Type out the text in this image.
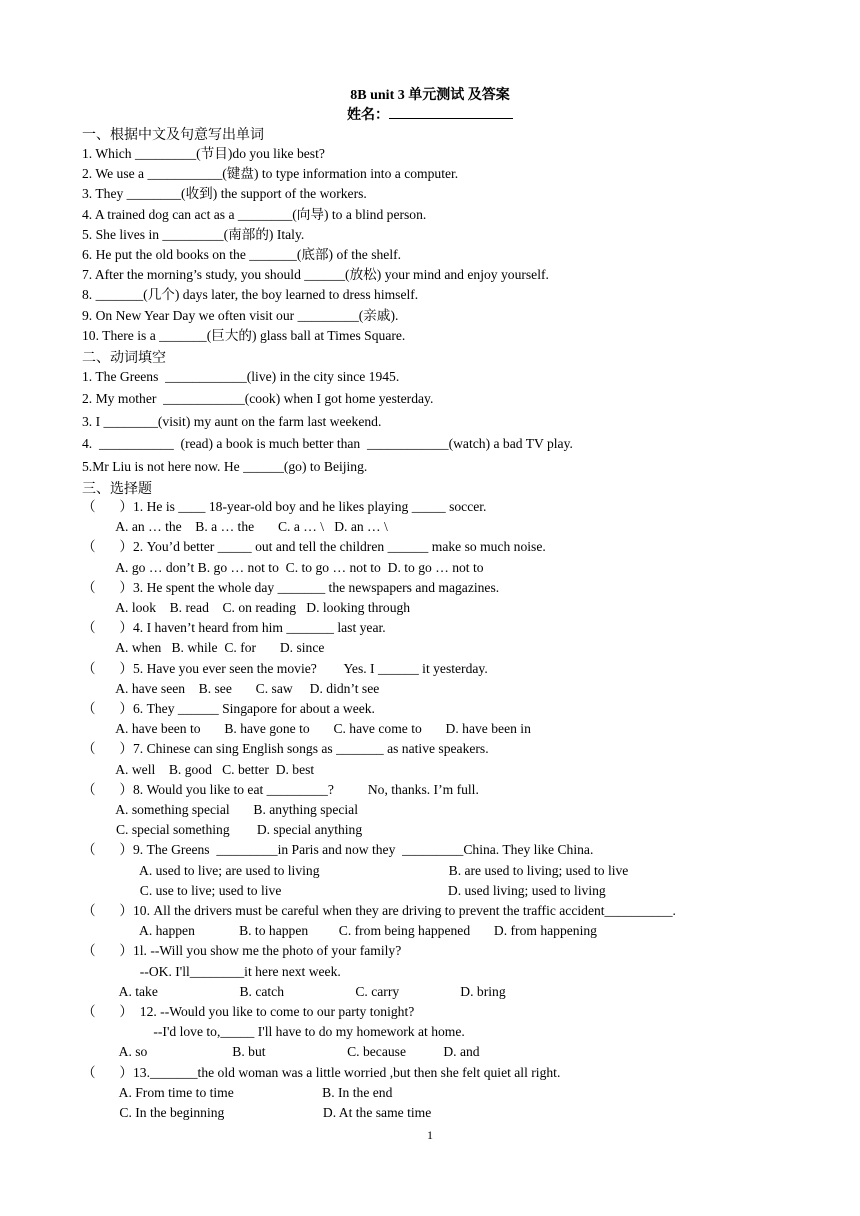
8B unit 3 单元测试 及答案
姓名：
一、根据中文及句意写出单词
1. Which _________(节目)do you like best?
2. We use a ___________(键盘) to type information into a computer.
3. They ________(收到) the support of the workers.
4. A trained dog can act as a ________(向导) to a blind person.
5. She lives in _________(南部的) Italy.
6. He put the old books on the _______(底部) of the shelf.
7. After the morning’s study, you should ______(放松) your mind and enjoy yourself.
8. _______(几个) days later, the boy learned to dress himself.
9. On New Year Day we often visit our _________(亲戚).
10. There is a _______(巨大的) glass ball at Times Square.
二、动词填空
1. The Greens  ____________(live) in the city since 1945.
2. My mother  ____________(cook) when I got home yesterday.
3. I ________(visit) my aunt on the farm last weekend.
4.  ___________  (read) a book is much better than  ____________(watch) a bad TV play.
5.Mr Liu is not here now. He ______(go) to Beijing.
三、选择题
（       ）1. He is ____ 18-year-old boy and he likes playing _____ soccer.
A. an … the    B. a … the       C. a … \   D. an … \
（       ）2. You’d better _____ out and tell the children ______ make so much noise.
A. go … don’t B. go … not to  C. to go … not to  D. to go … not to
（       ）3. He spent the whole day _______ the newspapers and magazines.
A. look    B. read    C. on reading   D. looking through
（       ）4. I haven’t heard from him _______ last year.
A. when   B. while  C. for       D. since
（       ）5. Have you ever seen the movie?        Yes. I ______ it yesterday.
A. have seen    B. see       C. saw     D. didn’t see
（       ）6. They ______ Singapore for about a week.
A. have been to       B. have gone to       C. have come to       D. have been in
（       ）7. Chinese can sing English songs as _______ as native speakers.
A. well    B. good   C. better  D. best
（       ）8. Would you like to eat _________?          No, thanks. I’m full.
A. something special       B. anything special
C. special something        D. special anything
（       ）9. The Greens  _________in Paris and now they  _________China. They like China.
A. used to live; are used to living                                      B. are used to living; used to live
C. use to live; used to live                                                 D. used living; used to living
（       ）10. All the drivers must be careful when they are driving to prevent the traffic accident__________.
A. happen             B. to happen         C. from being happened       D. from happening
（       ）1l. --Will you show me the photo of your family?
--OK. I'll________it here next week.
A. take                        B. catch                     C. carry                  D. bring
（       ）  12. --Would you like to come to our party tonight?
--I'd love to,_____ I'll have to do my homework at home.
A. so                         B. but                        C. because           D. and
（       ）13._______the old woman was a little worried ,but then she felt quiet all right.
A. From time to time                          B. In the end
C. In the beginning                             D. At the same time
1
